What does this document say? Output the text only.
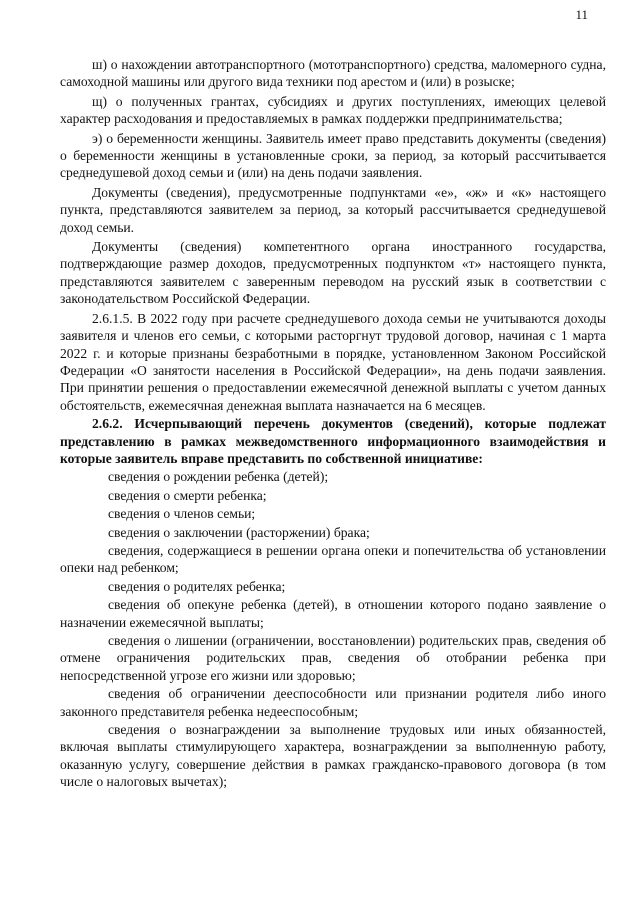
11

ш) о нахождении автотранспортного (мототранспортного) средства, маломерного судна, самоходной машины или другого вида техники под арестом и (или) в розыске;

щ) о полученных грантах, субсидиях и других поступлениях, имеющих целевой характер расходования и предоставляемых в рамках поддержки предпринимательства;

э) о беременности женщины. Заявитель имеет право представить документы (сведения) о беременности женщины в установленные сроки, за период, за который рассчитывается среднедушевой доход семьи и (или) на день подачи заявления.

Документы (сведения), предусмотренные подпунктами «е», «ж» и «к» настоящего пункта, представляются заявителем за период, за который рассчитывается среднедушевой доход семьи.

Документы (сведения) компетентного органа иностранного государства, подтверждающие размер доходов, предусмотренных подпунктом «т» настоящего пункта, представляются заявителем с заверенным переводом на русский язык в соответствии с законодательством Российской Федерации.

2.6.1.5. В 2022 году при расчете среднедушевого дохода семьи не учитываются доходы заявителя и членов его семьи, с которыми расторгнут трудовой договор, начиная с 1 марта 2022 г. и которые признаны безработными в порядке, установленном Законом Российской Федерации «О занятости населения в Российской Федерации», на день подачи заявления. При принятии решения о предоставлении ежемесячной денежной выплаты с учетом данных обстоятельств, ежемесячная денежная выплата назначается на 6 месяцев.

2.6.2. Исчерпывающий перечень документов (сведений), которые подлежат представлению в рамках межведомственного информационного взаимодействия и которые заявитель вправе представить по собственной инициативе:

сведения о рождении ребенка (детей);

сведения о смерти ребенка;

сведения о членов семьи;

сведения о заключении (расторжении) брака;

сведения, содержащиеся в решении органа опеки и попечительства об установлении опеки над ребенком;

сведения о родителях ребенка;

сведения об опекуне ребенка (детей), в отношении которого подано заявление о назначении ежемесячной выплаты;

сведения о лишении (ограничении, восстановлении) родительских прав, сведения об отмене ограничения родительских прав, сведения об отобрании ребенка при непосредственной угрозе его жизни или здоровью;

сведения об ограничении дееспособности или признании родителя либо иного законного представителя ребенка недееспособным;

сведения о вознаграждении за выполнение трудовых или иных обязанностей, включая выплаты стимулирующего характера, вознаграждении за выполненную работу, оказанную услугу, совершение действия в рамках гражданско-правового договора (в том числе о налоговых вычетах);
